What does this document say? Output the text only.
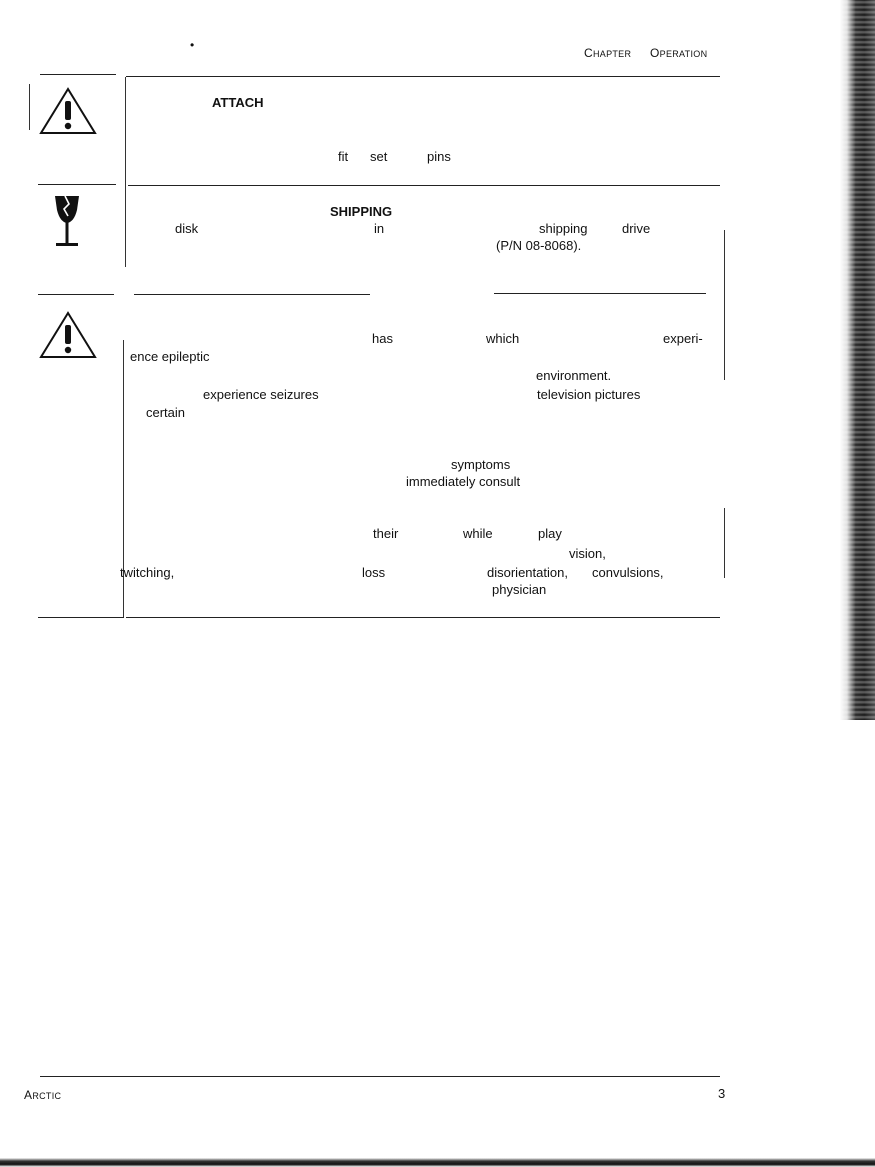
•
CHAPTER OPERATION
ATTACH
fit set	pins
SHIPPING
disk	in	shipping	drive
(P/N 08-8068).
has	which	experi-
ence epileptic
environment.
experience seizures	television pictures
certain
symptoms
immediately consult
their	while	play
vision,
twitching,	loss	disorientation, convulsions,
physician
ARCTIC	3
